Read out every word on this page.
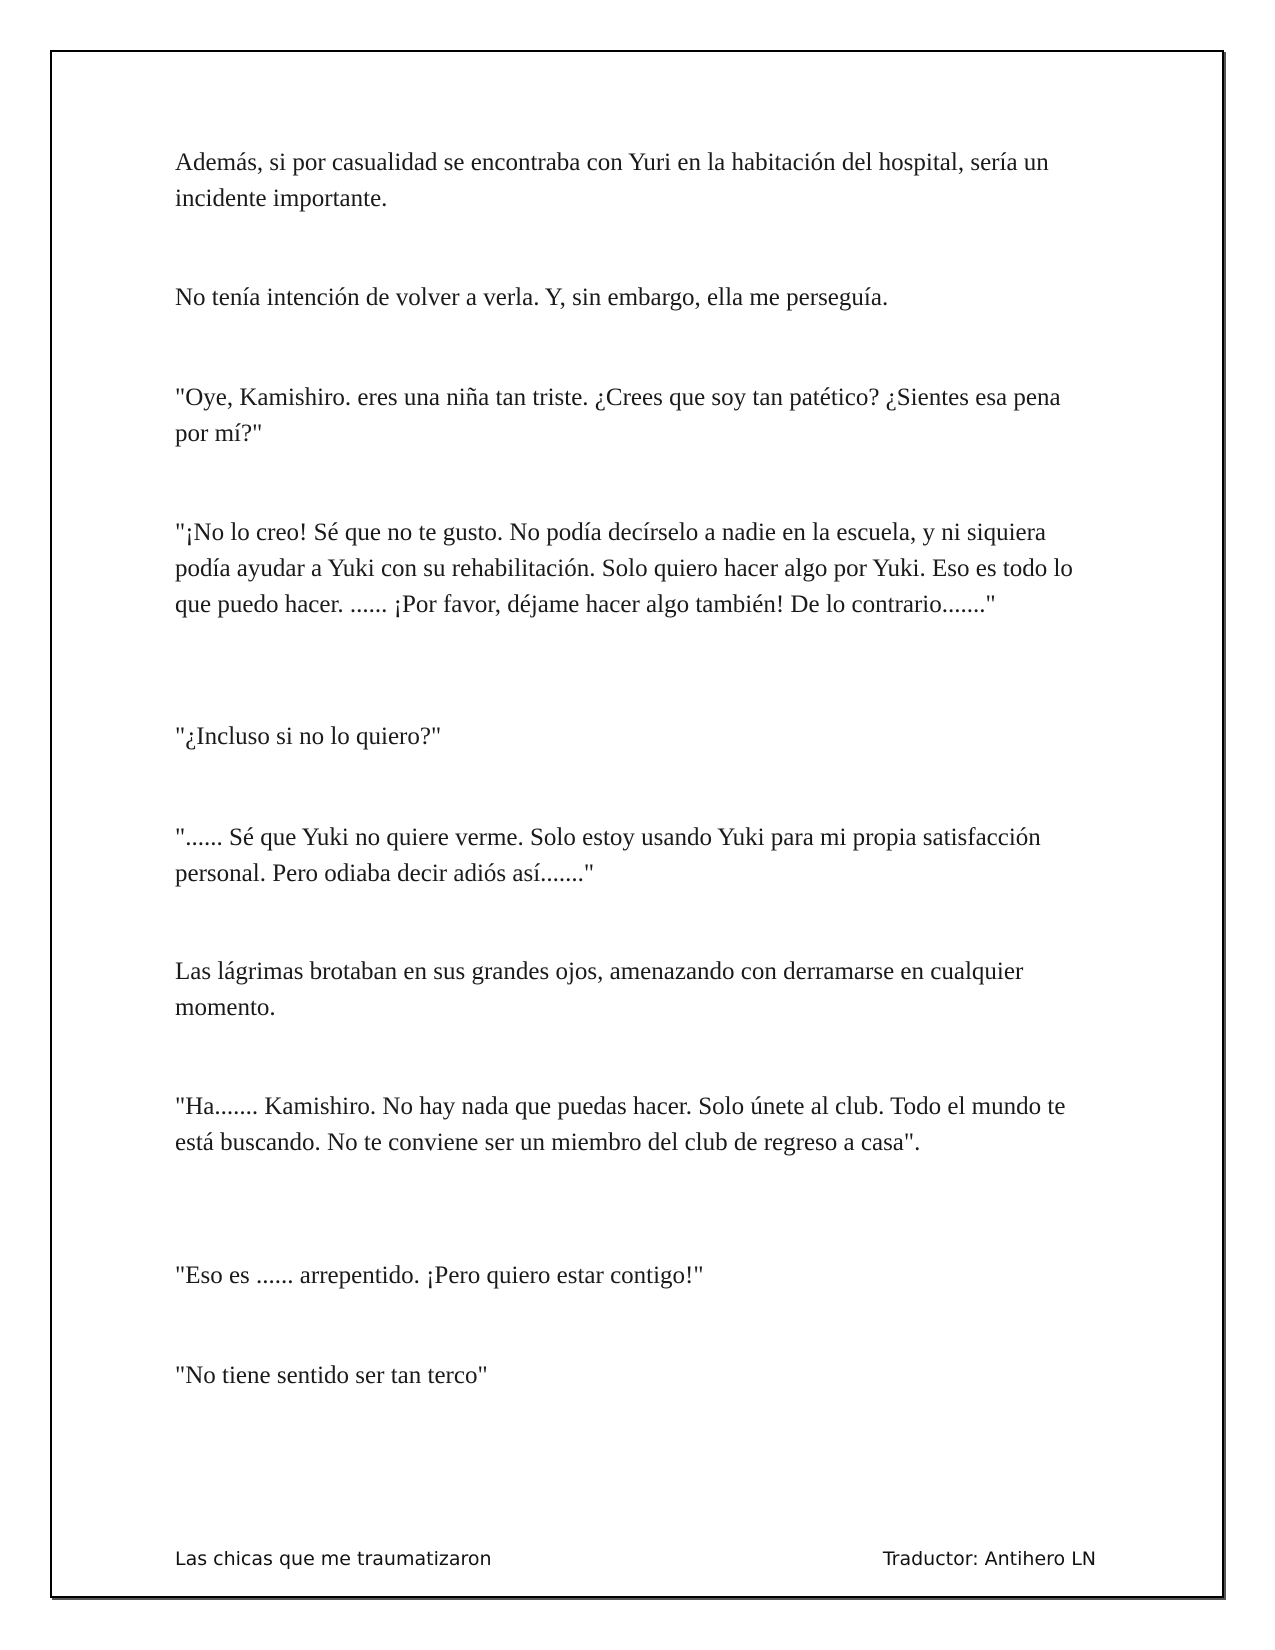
Además, si por casualidad se encontraba con Yuri en la habitación del hospital, sería un incidente importante.

No tenía intención de volver a verla. Y, sin embargo, ella me perseguía.

"Oye, Kamishiro. eres una niña tan triste. ¿Crees que soy tan patético? ¿Sientes esa pena por mí?"

"¡No lo creo! Sé que no te gusto. No podía decírselo a nadie en la escuela, y ni siquiera podía ayudar a Yuki con su rehabilitación. Solo quiero hacer algo por Yuki. Eso es todo lo que puedo hacer. ...... ¡Por favor, déjame hacer algo también! De lo contrario......."

"¿Incluso si no lo quiero?"

"...... Sé que Yuki no quiere verme. Solo estoy usando Yuki para mi propia satisfacción personal. Pero odiaba decir adiós así......."

Las lágrimas brotaban en sus grandes ojos, amenazando con derramarse en cualquier momento.

"Ha....... Kamishiro. No hay nada que puedas hacer. Solo únete al club. Todo el mundo te está buscando. No te conviene ser un miembro del club de regreso a casa".

"Eso es ...... arrepentido. ¡Pero quiero estar contigo!"

"No tiene sentido ser tan terco"

Las chicas que me traumatizaron	Traductor: Antihero LN
